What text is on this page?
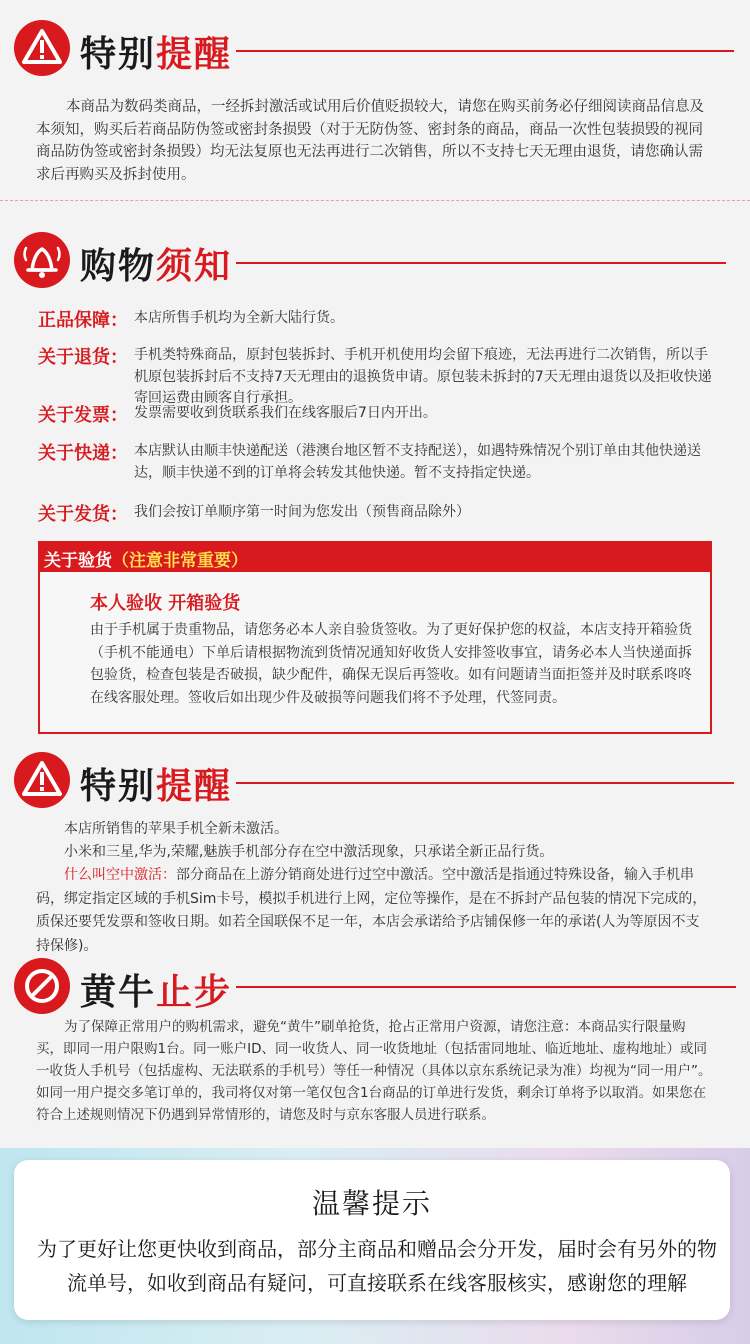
特别提醒
本商品为数码类商品，一经拆封激活或试用后价值贬损较大，请您在购买前务必仔细阅读商品信息及本须知，购买后若商品防伪签或密封条损毁（对于无防伪签、密封条的商品，商品一次性包装损毁的视同商品防伪签或密封条损毁）均无法复原也无法再进行二次销售，所以不支持七天无理由退货，请您确认需求后再购买及拆封使用。
购物须知
正品保障： 本店所售手机均为全新大陆行货。
关于退货： 手机类特殊商品，原封包装拆封、手机开机使用均会留下痕迹，无法再进行二次销售，所以手机原包装拆封后不支持7天无理由的退换货申请。原包装未拆封的7天无理由退货以及拒收快递寄回运费由顾客自行承担。
关于发票： 发票需要收到货联系我们在线客服后7日内开出。
关于快递： 本店默认由顺丰快递配送（港澳台地区暂不支持配送），如遇特殊情况个别订单由其他快递送达，顺丰快递不到的订单将会转发其他快递。暂不支持指定快递。
关于发货： 我们会按订单顺序第一时间为您发出（预售商品除外）
关于验货（注意非常重要）
本人验收 开箱验货
由于手机属于贵重物品，请您务必本人亲自验货签收。为了更好保护您的权益，本店支持开箱验货（手机不能通电）下单后请根据物流到货情况通知好收货人安排签收事宜，请务必本人当快递面拆包验货，检查包装是否破损，缺少配件，确保无误后再签收。如有问题请当面拒签并及时联系咚咚在线客服处理。签收后如出现少件及破损等问题我们将不予处理，代签同责。
特别提醒
本店所销售的苹果手机全新未激活。
小米和三星,华为,荣耀,魅族手机部分存在空中激活现象，只承诺全新正品行货。
什么叫空中激活：部分商品在上游分销商处进行过空中激活。空中激活是指通过特殊设备，输入手机串码，绑定指定区域的手机Sim卡号，模拟手机进行上网，定位等操作，是在不拆封产品包装的情况下完成的，质保还要凭发票和签收日期。如若全国联保不足一年，本店会承诺给予店铺保修一年的承诺(人为等原因不支持保修)。
黄牛止步
为了保障正常用户的购机需求，避免“黄牛”刷单抢货，抢占正常用户资源，请您注意：本商品实行限量购买，即同一用户限购1台。同一账户ID、同一收货人、同一收货地址（包括雷同地址、临近地址、虚构地址）或同一收货人手机号（包括虚构、无法联系的手机号）等任一种情况（具体以京东系统记录为准）均视为“同一用户”。如同一用户提交多笔订单的，我司将仅对第一笔仅包含1台商品的订单进行发货，剩余订单将予以取消。如果您在符合上述规则情况下仍遇到异常情形的，请您及时与京东客服人员进行联系。
温馨提示
为了更好让您更快收到商品，部分主商品和赠品会分开发，届时会有另外的物流单号，如收到商品有疑问，可直接联系在线客服核实，感谢您的理解
